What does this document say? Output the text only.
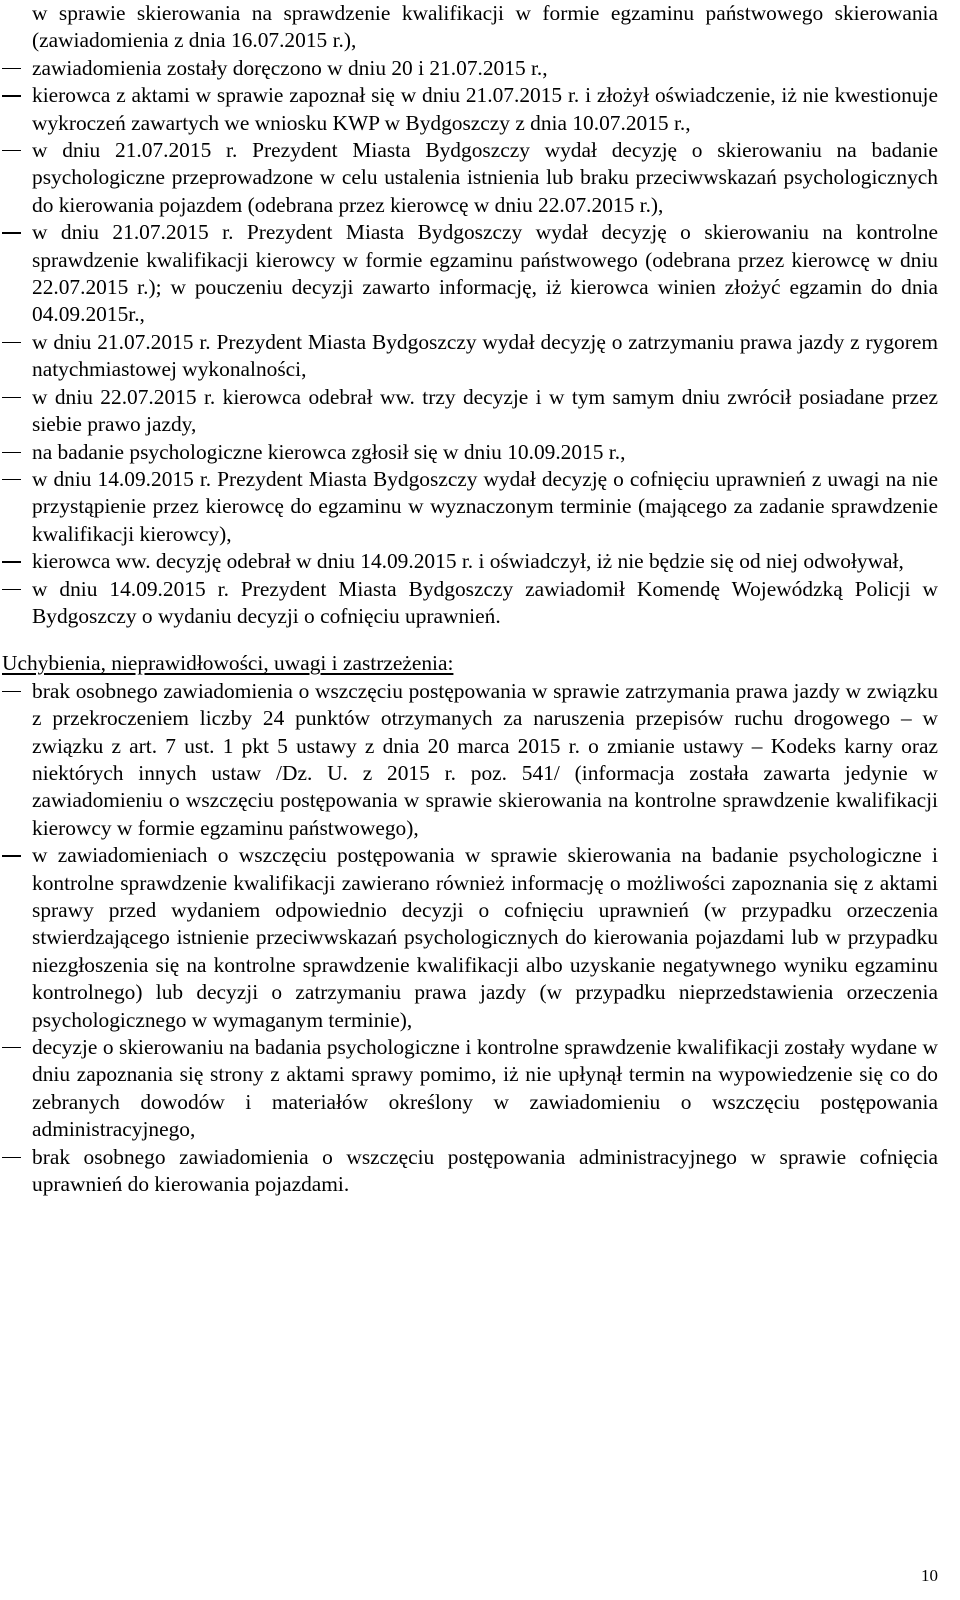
w sprawie skierowania na sprawdzenie kwalifikacji w formie egzaminu państwowego skierowania (zawiadomienia z dnia 16.07.2015 r.),

zawiadomienia zostały doręczono w dniu 20 i 21.07.2015 r.,

kierowca z aktami w sprawie zapoznał się w dniu 21.07.2015 r. i złożył oświadczenie, iż nie kwestionuje wykroczeń zawartych we wniosku KWP w Bydgoszczy z dnia 10.07.2015 r.,

w dniu 21.07.2015 r. Prezydent Miasta Bydgoszczy wydał decyzję o skierowaniu na badanie psychologiczne przeprowadzone w celu ustalenia istnienia lub braku przeciwwskazań psychologicznych do kierowania pojazdem (odebrana przez kierowcę w dniu 22.07.2015 r.),

w dniu 21.07.2015 r. Prezydent Miasta Bydgoszczy wydał decyzję o skierowaniu na kontrolne sprawdzenie kwalifikacji kierowcy w formie egzaminu państwowego (odebrana przez kierowcę w dniu 22.07.2015 r.); w pouczeniu decyzji zawarto informację, iż kierowca winien złożyć egzamin do dnia 04.09.2015r.,

w dniu 21.07.2015 r. Prezydent Miasta Bydgoszczy wydał decyzję o zatrzymaniu prawa jazdy z rygorem natychmiastowej wykonalności,

w dniu 22.07.2015 r. kierowca odebrał ww. trzy decyzje i w tym samym dniu zwrócił posiadane przez siebie prawo jazdy,

na badanie psychologiczne kierowca zgłosił się w dniu 10.09.2015 r.,

w dniu 14.09.2015 r. Prezydent Miasta Bydgoszczy wydał decyzję o cofnięciu uprawnień z uwagi na nie przystąpienie przez kierowcę do egzaminu w wyznaczonym terminie (mającego za zadanie sprawdzenie kwalifikacji kierowcy),

kierowca ww. decyzję odebrał w dniu 14.09.2015 r. i oświadczył, iż nie będzie się od niej odwoływał,

w dniu 14.09.2015 r. Prezydent Miasta Bydgoszczy zawiadomił Komendę Wojewódzką Policji w Bydgoszczy o wydaniu decyzji o cofnięciu uprawnień.

Uchybienia, nieprawidłowości, uwagi i zastrzeżenia:

brak osobnego zawiadomienia o wszczęciu postępowania w sprawie zatrzymania prawa jazdy w związku z przekroczeniem liczby 24 punktów otrzymanych za naruszenia przepisów ruchu drogowego – w związku z art. 7 ust. 1 pkt 5 ustawy z dnia 20 marca 2015 r. o zmianie ustawy – Kodeks karny oraz niektórych innych ustaw /Dz. U. z 2015 r. poz. 541/ (informacja została zawarta jedynie w zawiadomieniu o wszczęciu postępowania w sprawie skierowania na kontrolne sprawdzenie kwalifikacji kierowcy w formie egzaminu państwowego),

w zawiadomieniach o wszczęciu postępowania w sprawie skierowania na badanie psychologiczne i kontrolne sprawdzenie kwalifikacji zawierano również informację o możliwości zapoznania się z aktami sprawy przed wydaniem odpowiednio decyzji o cofnięciu uprawnień (w przypadku orzeczenia stwierdzającego istnienie przeciwwskazań psychologicznych do kierowania pojazdami lub w przypadku niezgłoszenia się na kontrolne sprawdzenie kwalifikacji albo uzyskanie negatywnego wyniku egzaminu kontrolnego) lub decyzji o zatrzymaniu prawa jazdy (w przypadku nieprzedstawienia orzeczenia psychologicznego w wymaganym terminie),

decyzje o skierowaniu na badania psychologiczne i kontrolne sprawdzenie kwalifikacji zostały wydane w dniu zapoznania się strony z aktami sprawy pomimo, iż nie upłynął termin na wypowiedzenie się co do zebranych dowodów i materiałów określony w zawiadomieniu o wszczęciu postępowania administracyjnego,

brak osobnego zawiadomienia o wszczęciu postępowania administracyjnego w sprawie cofnięcia uprawnień do kierowania pojazdami.

10
